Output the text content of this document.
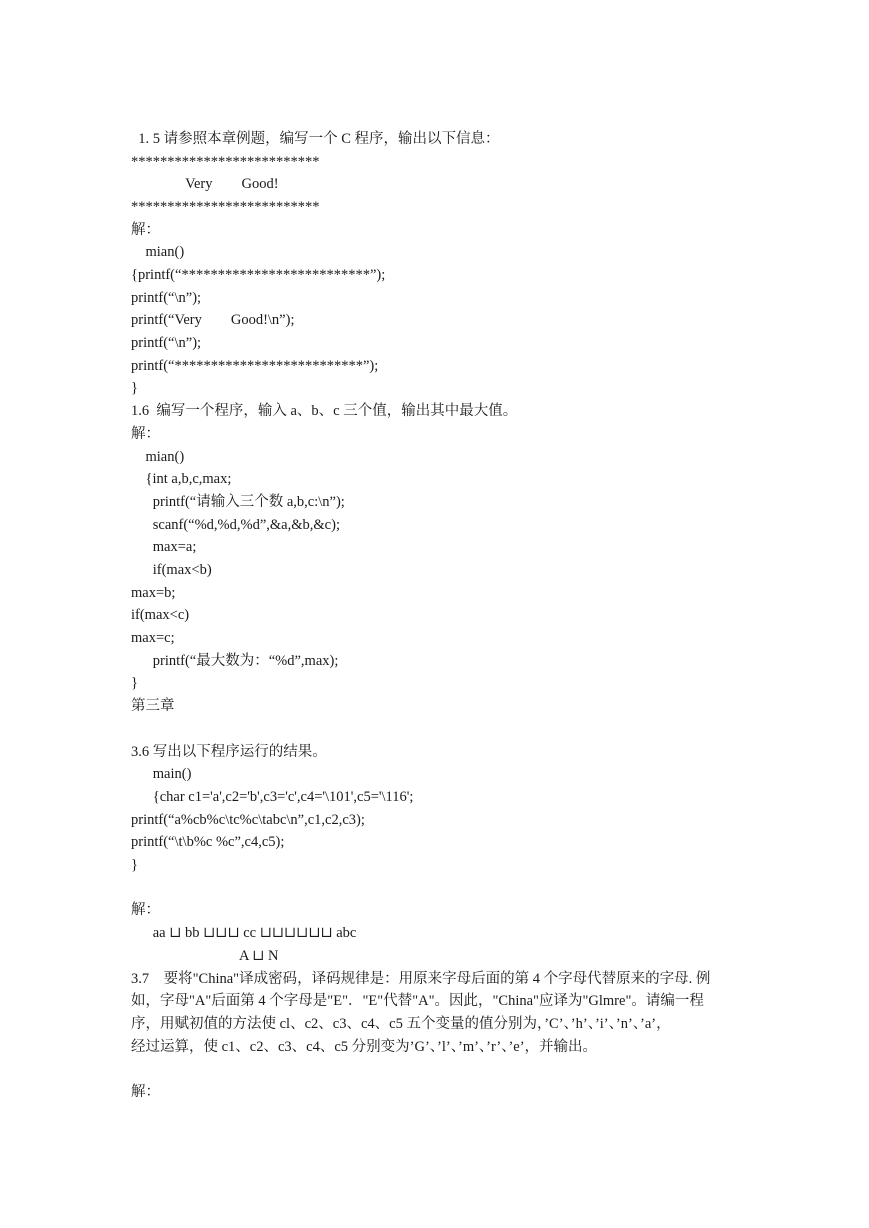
1. 5 请参照本章例题，编写一个 C 程序，输出以下信息：
**************************
Very        Good!
**************************
解：
mian()
{printf(“**************************”);
printf(“\n”);
printf(“Very        Good!\n”);
printf(“\n”);
printf(“**************************”);
}
1.6  编写一个程序，输入 a、b、c 三个值，输出其中最大值。
解：
mian()
{int a,b,c,max;
printf(“请输入三个数 a,b,c:\n”);
scanf(“%d,%d,%d”,&a,&b,&c);
max=a;
if(max<b)
max=b;
if(max<c)
max=c;
printf(“最大数为：“%d”,max);
}
第三章
3.6 写出以下程序运行的结果。
main()
{char c1='a',c2='b',c3='c',c4='\101',c5='\116';
printf(“a%cb%c\tc%c\tabc\n”,c1,c2,c3);
printf(“\t\b%c %c”,c4,c5);
}
解：
aa ⊔ bb ⊔⊔⊔ cc ⊔⊔⊔⊔⊔⊔ abc
A ⊔ N
3.7    要将"China"译成密码，译码规律是：用原来字母后面的第 4 个字母代替原来的字母. 例
如，字母"A"后面第 4 个字母是"E"．"E"代替"A"。因此，"China"应译为"Glmre"。请编一程
序，用赋初值的方法使 cl、c2、c3、c4、c5 五个变量的值分别为，’C’、’h’、’i’、’n’、’a’，
经过运算，使 c1、c2、c3、c4、c5 分别变为’G’、’l’、’m’、’r’、’e’，并输出。
解：
